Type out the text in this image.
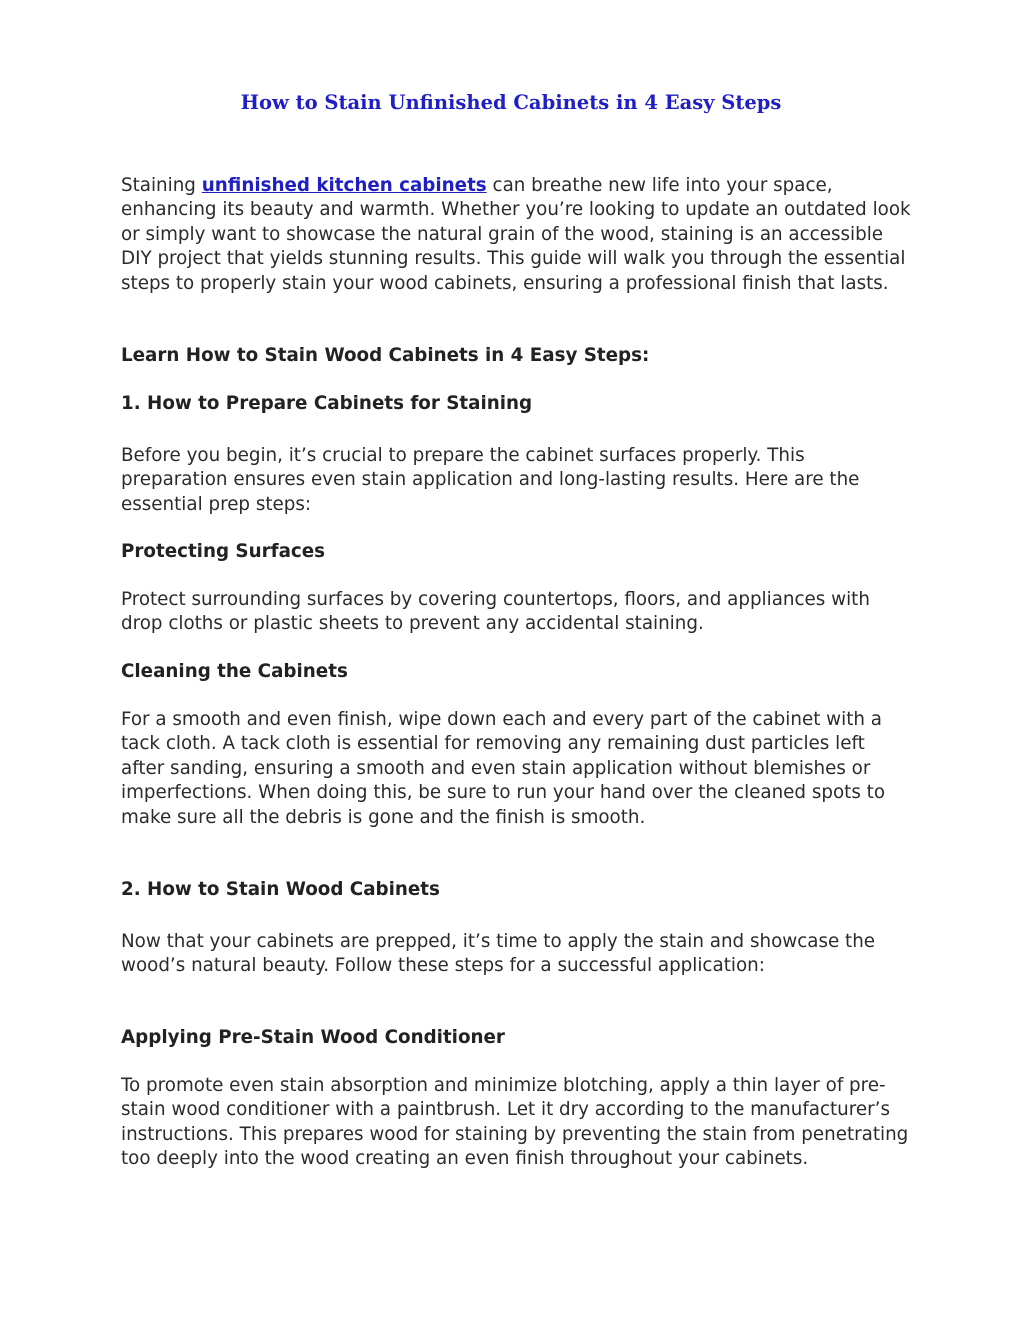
How to Stain Unfinished Cabinets in 4 Easy Steps

Staining unfinished kitchen cabinets can breathe new life into your space, enhancing its beauty and warmth. Whether you’re looking to update an outdated look or simply want to showcase the natural grain of the wood, staining is an accessible DIY project that yields stunning results. This guide will walk you through the essential steps to properly stain your wood cabinets, ensuring a professional finish that lasts.

Learn How to Stain Wood Cabinets in 4 Easy Steps:

1. How to Prepare Cabinets for Staining

Before you begin, it’s crucial to prepare the cabinet surfaces properly. This preparation ensures even stain application and long-lasting results. Here are the essential prep steps:

Protecting Surfaces

Protect surrounding surfaces by covering countertops, floors, and appliances with drop cloths or plastic sheets to prevent any accidental staining.

Cleaning the Cabinets

For a smooth and even finish, wipe down each and every part of the cabinet with a tack cloth. A tack cloth is essential for removing any remaining dust particles left after sanding, ensuring a smooth and even stain application without blemishes or imperfections. When doing this, be sure to run your hand over the cleaned spots to make sure all the debris is gone and the finish is smooth.

2. How to Stain Wood Cabinets

Now that your cabinets are prepped, it’s time to apply the stain and showcase the wood’s natural beauty. Follow these steps for a successful application:

Applying Pre-Stain Wood Conditioner

To promote even stain absorption and minimize blotching, apply a thin layer of pre-stain wood conditioner with a paintbrush. Let it dry according to the manufacturer’s instructions. This prepares wood for staining by preventing the stain from penetrating too deeply into the wood creating an even finish throughout your cabinets.
